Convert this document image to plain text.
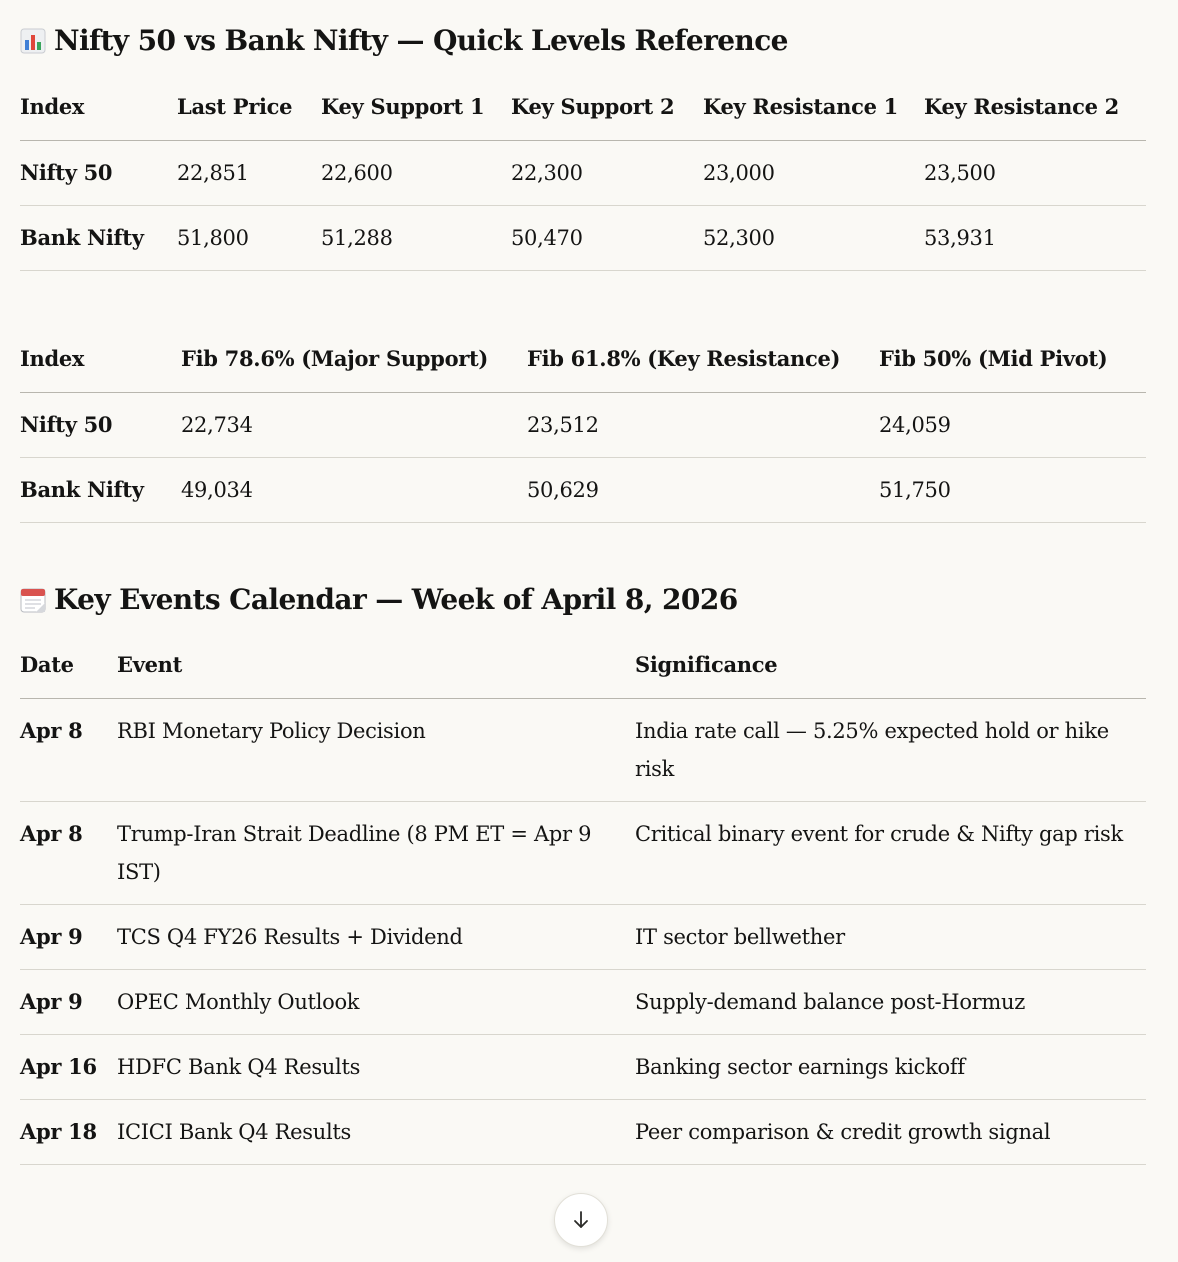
Nifty 50 vs Bank Nifty — Quick Levels Reference
Index	Last Price	Key Support 1	Key Support 2	Key Resistance 1	Key Resistance 2
Nifty 50	22,851	22,600	22,300	23,000	23,500
Bank Nifty	51,800	51,288	50,470	52,300	53,931
Index	Fib 78.6% (Major Support)	Fib 61.8% (Key Resistance)	Fib 50% (Mid Pivot)
Nifty 50	22,734	23,512	24,059
Bank Nifty	49,034	50,629	51,750
Key Events Calendar — Week of April 8, 2026
Date	Event	Significance
Apr 8	RBI Monetary Policy Decision	India rate call — 5.25% expected hold or hike risk
Apr 8	Trump-Iran Strait Deadline (8 PM ET = Apr 9 IST)	Critical binary event for crude & Nifty gap risk
Apr 9	TCS Q4 FY26 Results + Dividend	IT sector bellwether
Apr 9	OPEC Monthly Outlook	Supply-demand balance post-Hormuz
Apr 16	HDFC Bank Q4 Results	Banking sector earnings kickoff
Apr 18	ICICI Bank Q4 Results	Peer comparison & credit growth signal
